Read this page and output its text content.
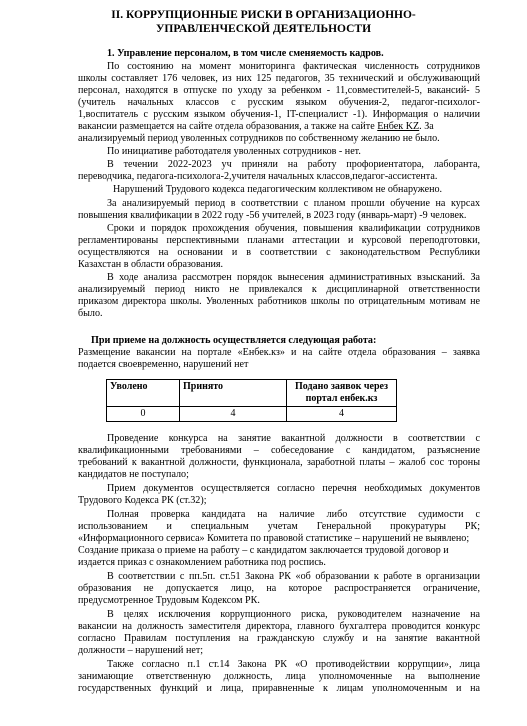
II. КОРРУПЦИОННЫЕ РИСКИ В ОРГАНИЗАЦИОННО-
УПРАВЛЕНЧЕСКОЙ ДЕЯТЕЛЬНОСТИ
1. Управление персоналом, в том числе сменяемость кадров.
По состоянию на момент мониторинга фактическая численность сотрудников
школы составляет 176 человек, из них 125 педагогов, 35 технический и обслуживающий
персонал, находятся в отпуске по уходу за ребенком - 11,совместителей-5, вакансий- 5
(учитель начальных классов с русским языком обучения-2, педагог-психолог-
1,воспитатель с русским языком обучения-1, IT-специалист -1). Информация о наличии
вакансии размещается на сайте отдела образования, а также на сайте Енбек KZ. За
анализируемый период уволенных сотрудников по собственному желанию не было.
По инициативе работодателя уволенных сотрудников - нет.
В течении 2022-2023 уч приняли на работу профориентатора, лаборанта,
переводчика, педагога-психолога-2,учителя начальных классов,педагог-ассистента.
Нарушений Трудового кодекса педагогическим коллективом не обнаружено.
За анализируемый период в соответствии с планом прошли обучение на курсах
повышения квалификации в 2022 году -56 учителей, в 2023 году (январь-март) -9 человек.
Сроки и порядок прохождения обучения, повышения квалификации сотрудников
регламентированы перспективными планами аттестации и курсовой переподготовки,
осуществляются на основании и в соответствии с законодательством Республики
Казахстан в области образования.
В ходе анализа рассмотрен порядок вынесения административных взысканий. За
анализируемый период никто не привлекался к дисциплинарной ответственности
приказом директора школы. Уволенных работников школы по отрицательным мотивам не
было.
При приеме на должность осуществляется следующая работа:
Размещение вакансии на портале «Енбек.кз» и на сайте отдела образования – заявка
подается своевременно, нарушений нет
Уволено	Принято	Подано заявок через портал енбек.кз
0	4	4
Проведение конкурса на занятие вакантной должности в соответствии с
квалификационными требованиями – собеседование с кандидатом, разъяснение
требований к вакантной должности, функционала, заработной платы – жалоб сос тороны
кандидатов не поступало;
Прием документов осуществляется согласно перечня необходимых документов
Трудового Кодекса РК (ст.32);
Полная проверка кандидата на наличие либо отсутствие судимости с
использованием и специальным учетам Генеральной прокуратуры РК;
«Информационного сервиса» Комитета по правовой статистике – нарушений не выявлено;
Создание приказа о приеме на работу – с кандидатом заключается трудовой договор и
издается приказ с ознакомлением работника под роспись.
В соответствии с пп.5п. ст.51 Закона РК «об образовании к работе в организации
образования не допускается лицо, на которое распространяется ограничение,
предусмотренное Трудовым Кодексом РК.
В целях исключения коррупционного риска, руководителем назначение на
вакансии на должность заместителя директора, главного бухгалтера проводится конкурс
согласно Правилам поступления на гражданскую службу и на занятие вакантной
должности – нарушений нет;
Также согласно п.1 ст.14 Закона РК «О противодействии коррупции», лица
занимающие ответственную должность, лица уполномоченные на выполнение
государственных функций и лица, приравненные к лицам уполномоченным и на
